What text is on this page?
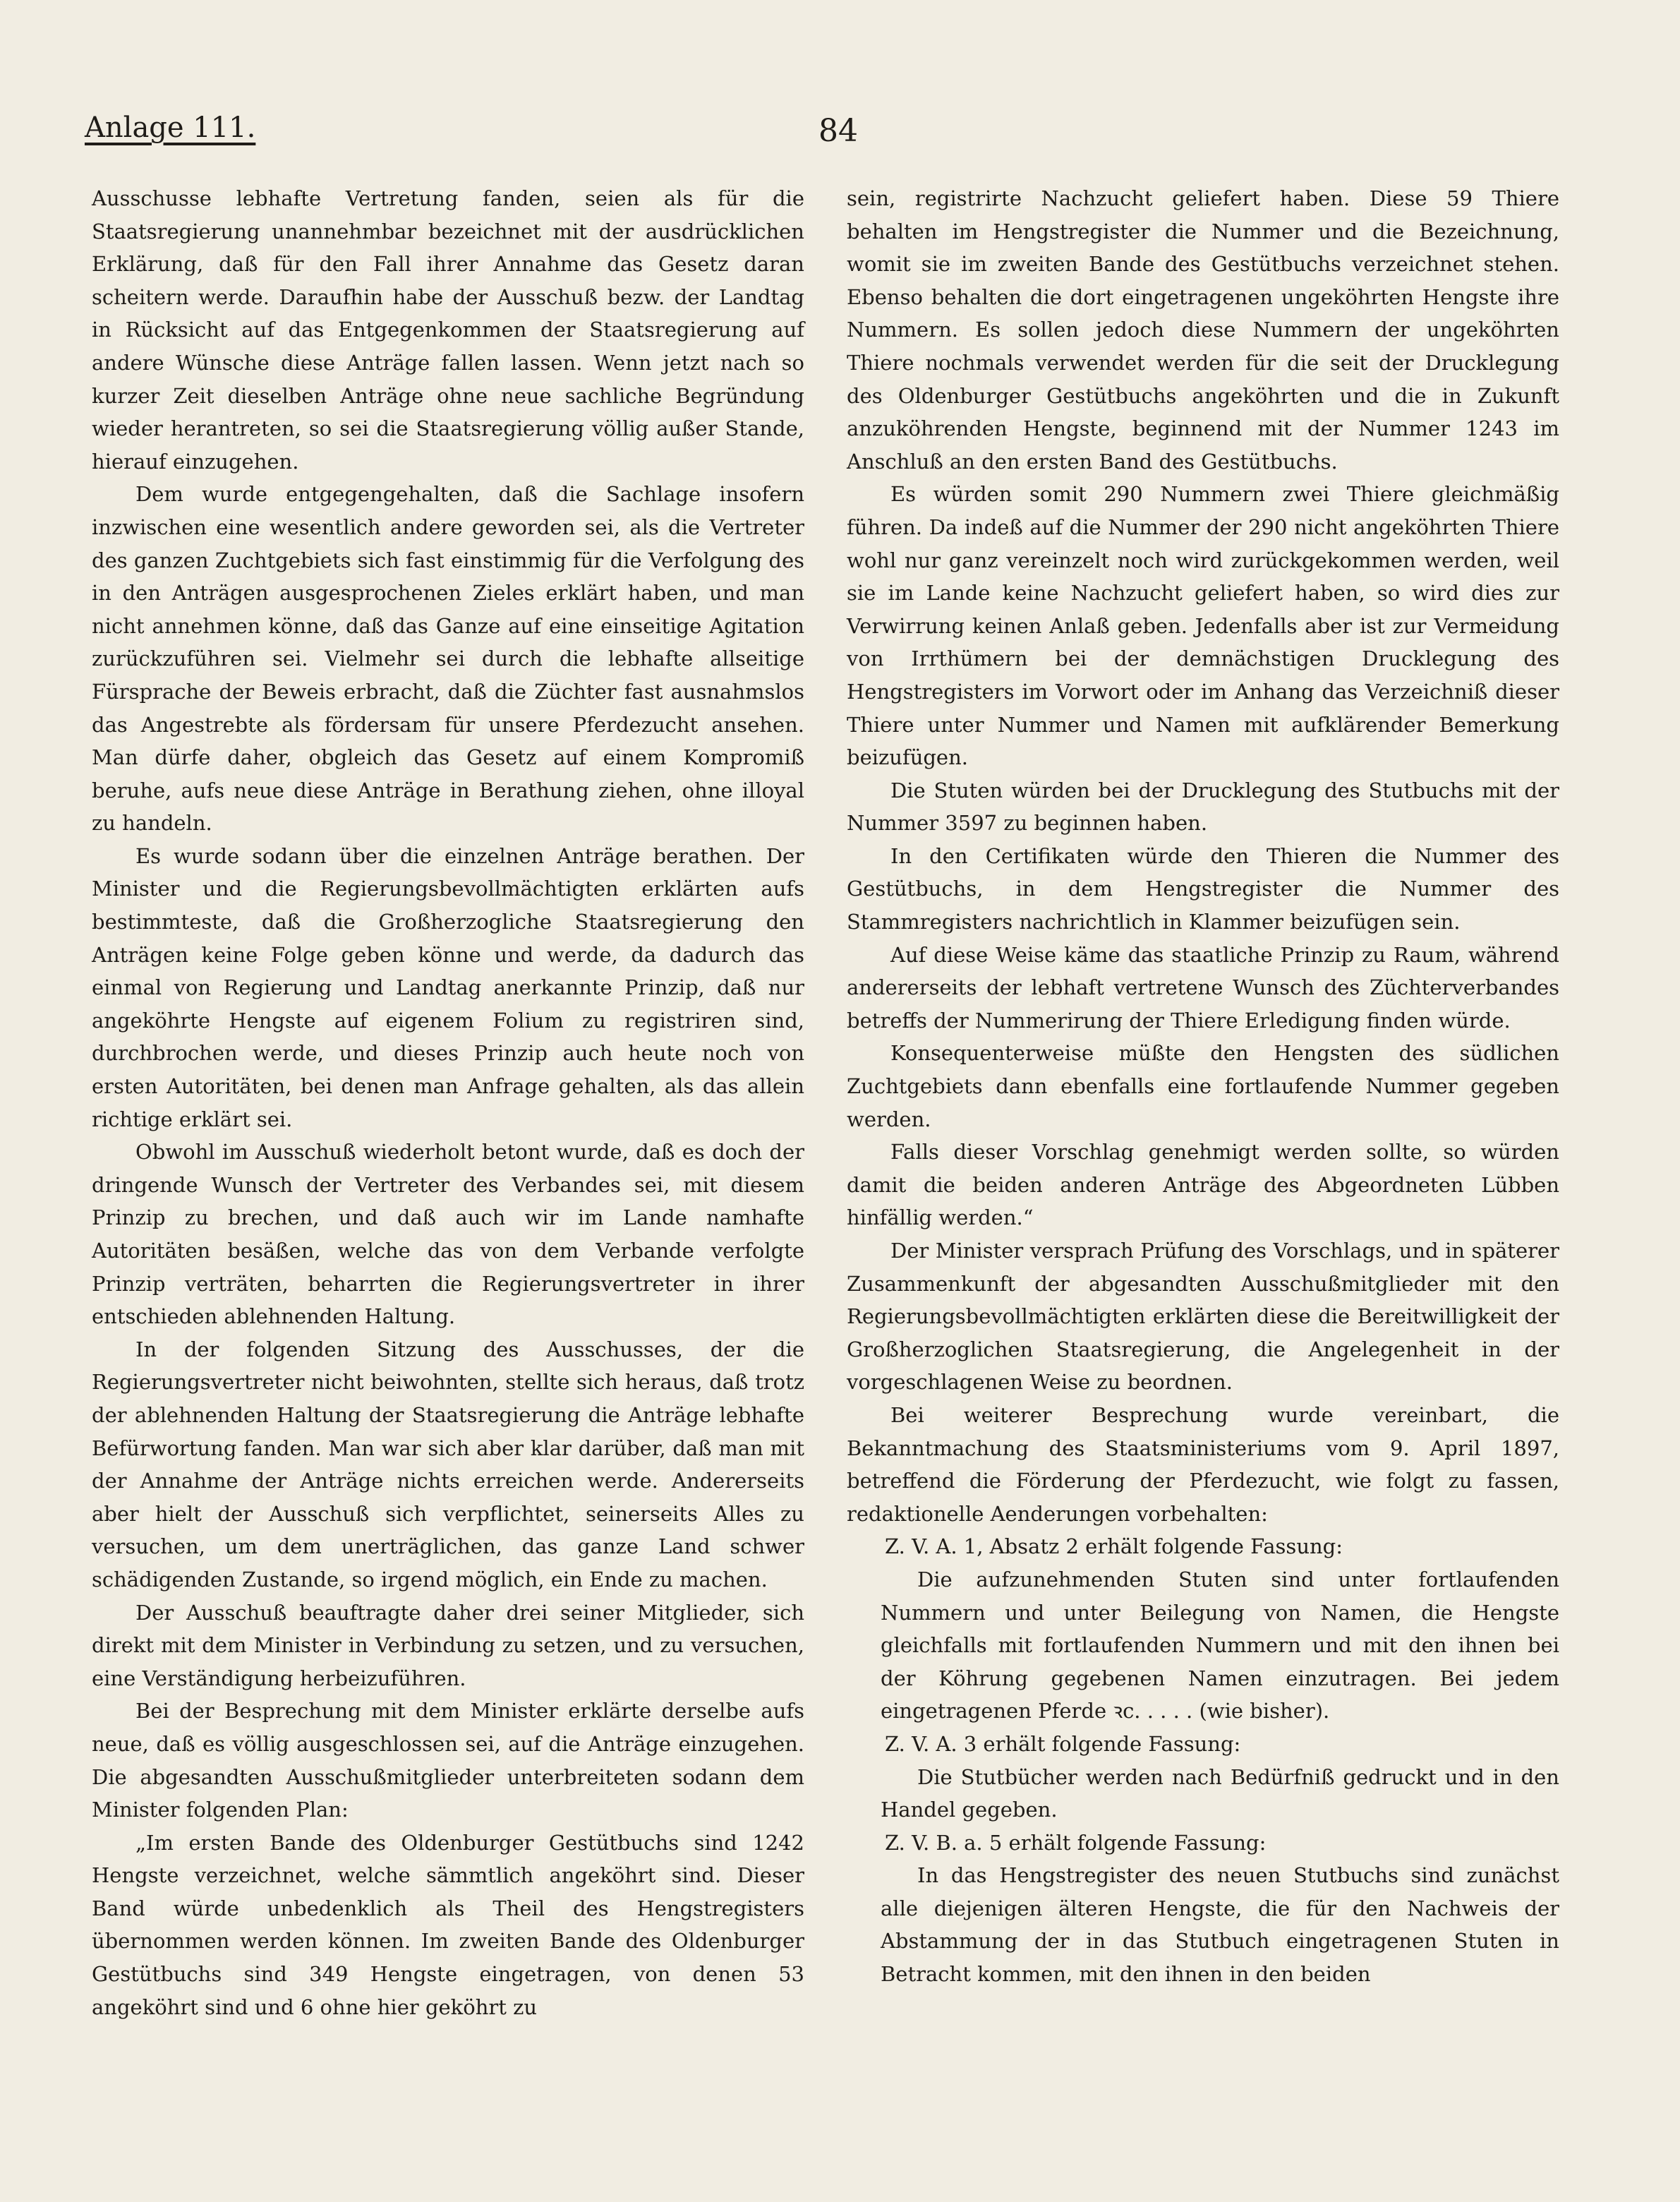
Anlage 111.	84

Ausschusse lebhafte Vertretung fanden, seien als für die Staatsregierung unannehmbar bezeichnet mit der ausdrücklichen Erklärung, daß für den Fall ihrer Annahme das Gesetz daran scheitern werde. Daraufhin habe der Ausschuß bezw. der Landtag in Rücksicht auf das Entgegenkommen der Staatsregierung auf andere Wünsche diese Anträge fallen lassen. Wenn jetzt nach so kurzer Zeit dieselben Anträge ohne neue sachliche Begründung wieder herantreten, so sei die Staatsregierung völlig außer Stande, hierauf einzugehen.

Dem wurde entgegengehalten, daß die Sachlage insofern inzwischen eine wesentlich andere geworden sei, als die Vertreter des ganzen Zuchtgebiets sich fast einstimmig für die Verfolgung des in den Anträgen ausgesprochenen Zieles erklärt haben, und man nicht annehmen könne, daß das Ganze auf eine einseitige Agitation zurückzuführen sei. Vielmehr sei durch die lebhafte allseitige Fürsprache der Beweis erbracht, daß die Züchter fast ausnahmslos das Angestrebte als fördersam für unsere Pferdezucht ansehen. Man dürfe daher, obgleich das Gesetz auf einem Kompromiß beruhe, aufs neue diese Anträge in Berathung ziehen, ohne illoyal zu handeln.

Es wurde sodann über die einzelnen Anträge berathen. Der Minister und die Regierungsbevollmächtigten erklärten aufs bestimmteste, daß die Großherzogliche Staatsregierung den Anträgen keine Folge geben könne und werde, da dadurch das einmal von Regierung und Landtag anerkannte Prinzip, daß nur angeköhrte Hengste auf eigenem Folium zu registriren sind, durchbrochen werde, und dieses Prinzip auch heute noch von ersten Autoritäten, bei denen man Anfrage gehalten, als das allein richtige erklärt sei.

Obwohl im Ausschuß wiederholt betont wurde, daß es doch der dringende Wunsch der Vertreter des Verbandes sei, mit diesem Prinzip zu brechen, und daß auch wir im Lande namhafte Autoritäten besäßen, welche das von dem Verbande verfolgte Prinzip verträten, beharrten die Regierungsvertreter in ihrer entschieden ablehnenden Haltung.

In der folgenden Sitzung des Ausschusses, der die Regierungsvertreter nicht beiwohnten, stellte sich heraus, daß trotz der ablehnenden Haltung der Staatsregierung die Anträge lebhafte Befürwortung fanden. Man war sich aber klar darüber, daß man mit der Annahme der Anträge nichts erreichen werde. Andererseits aber hielt der Ausschuß sich verpflichtet, seinerseits Alles zu versuchen, um dem unerträglichen, das ganze Land schwer schädigenden Zustande, so irgend möglich, ein Ende zu machen.

Der Ausschuß beauftragte daher drei seiner Mitglieder, sich direkt mit dem Minister in Verbindung zu setzen, und zu versuchen, eine Verständigung herbeizuführen.

Bei der Besprechung mit dem Minister erklärte derselbe aufs neue, daß es völlig ausgeschlossen sei, auf die Anträge einzugehen. Die abgesandten Ausschußmitglieder unterbreiteten sodann dem Minister folgenden Plan:

„Im ersten Bande des Oldenburger Gestütbuchs sind 1242 Hengste verzeichnet, welche sämmtlich angeköhrt sind. Dieser Band würde unbedenklich als Theil des Hengstregisters übernommen werden können. Im zweiten Bande des Oldenburger Gestütbuchs sind 349 Hengste eingetragen, von denen 53 angeköhrt sind und 6 ohne hier geköhrt zu

sein, registrirte Nachzucht geliefert haben. Diese 59 Thiere behalten im Hengstregister die Nummer und die Bezeichnung, womit sie im zweiten Bande des Gestütbuchs verzeichnet stehen. Ebenso behalten die dort eingetragenen ungeköhrten Hengste ihre Nummern. Es sollen jedoch diese Nummern der ungeköhrten Thiere nochmals verwendet werden für die seit der Drucklegung des Oldenburger Gestütbuchs angeköhrten und die in Zukunft anzuköhrenden Hengste, beginnend mit der Nummer 1243 im Anschluß an den ersten Band des Gestütbuchs.

Es würden somit 290 Nummern zwei Thiere gleichmäßig führen. Da indeß auf die Nummer der 290 nicht angeköhrten Thiere wohl nur ganz vereinzelt noch wird zurückgekommen werden, weil sie im Lande keine Nachzucht geliefert haben, so wird dies zur Verwirrung keinen Anlaß geben. Jedenfalls aber ist zur Vermeidung von Irrthümern bei der demnächstigen Drucklegung des Hengstregisters im Vorwort oder im Anhang das Verzeichniß dieser Thiere unter Nummer und Namen mit aufklärender Bemerkung beizufügen.

Die Stuten würden bei der Drucklegung des Stutbuchs mit der Nummer 3597 zu beginnen haben.

In den Certifikaten würde den Thieren die Nummer des Gestütbuchs, in dem Hengstregister die Nummer des Stammregisters nachrichtlich in Klammer beizufügen sein.

Auf diese Weise käme das staatliche Prinzip zu Raum, während andererseits der lebhaft vertretene Wunsch des Züchterverbandes betreffs der Nummerirung der Thiere Erledigung finden würde.

Konsequenterweise müßte den Hengsten des südlichen Zuchtgebiets dann ebenfalls eine fortlaufende Nummer gegeben werden.

Falls dieser Vorschlag genehmigt werden sollte, so würden damit die beiden anderen Anträge des Abgeordneten Lübben hinfällig werden.“

Der Minister versprach Prüfung des Vorschlags, und in späterer Zusammenkunft der abgesandten Ausschußmitglieder mit den Regierungsbevollmächtigten erklärten diese die Bereitwilligkeit der Großherzoglichen Staatsregierung, die Angelegenheit in der vorgeschlagenen Weise zu beordnen.

Bei weiterer Besprechung wurde vereinbart, die Bekanntmachung des Staatsministeriums vom 9. April 1897, betreffend die Förderung der Pferdezucht, wie folgt zu fassen, redaktionelle Aenderungen vorbehalten:

Z. V. A. 1, Absatz 2 erhält folgende Fassung:

Die aufzunehmenden Stuten sind unter fortlaufenden Nummern und unter Beilegung von Namen, die Hengste gleichfalls mit fortlaufenden Nummern und mit den ihnen bei der Köhrung gegebenen Namen einzutragen. Bei jedem eingetragenen Pferde ꝛc. . . . . (wie bisher).

Z. V. A. 3 erhält folgende Fassung:

Die Stutbücher werden nach Bedürfniß gedruckt und in den Handel gegeben.

Z. V. B. a. 5 erhält folgende Fassung:

In das Hengstregister des neuen Stutbuchs sind zunächst alle diejenigen älteren Hengste, die für den Nachweis der Abstammung der in das Stutbuch eingetragenen Stuten in Betracht kommen, mit den ihnen in den beiden
